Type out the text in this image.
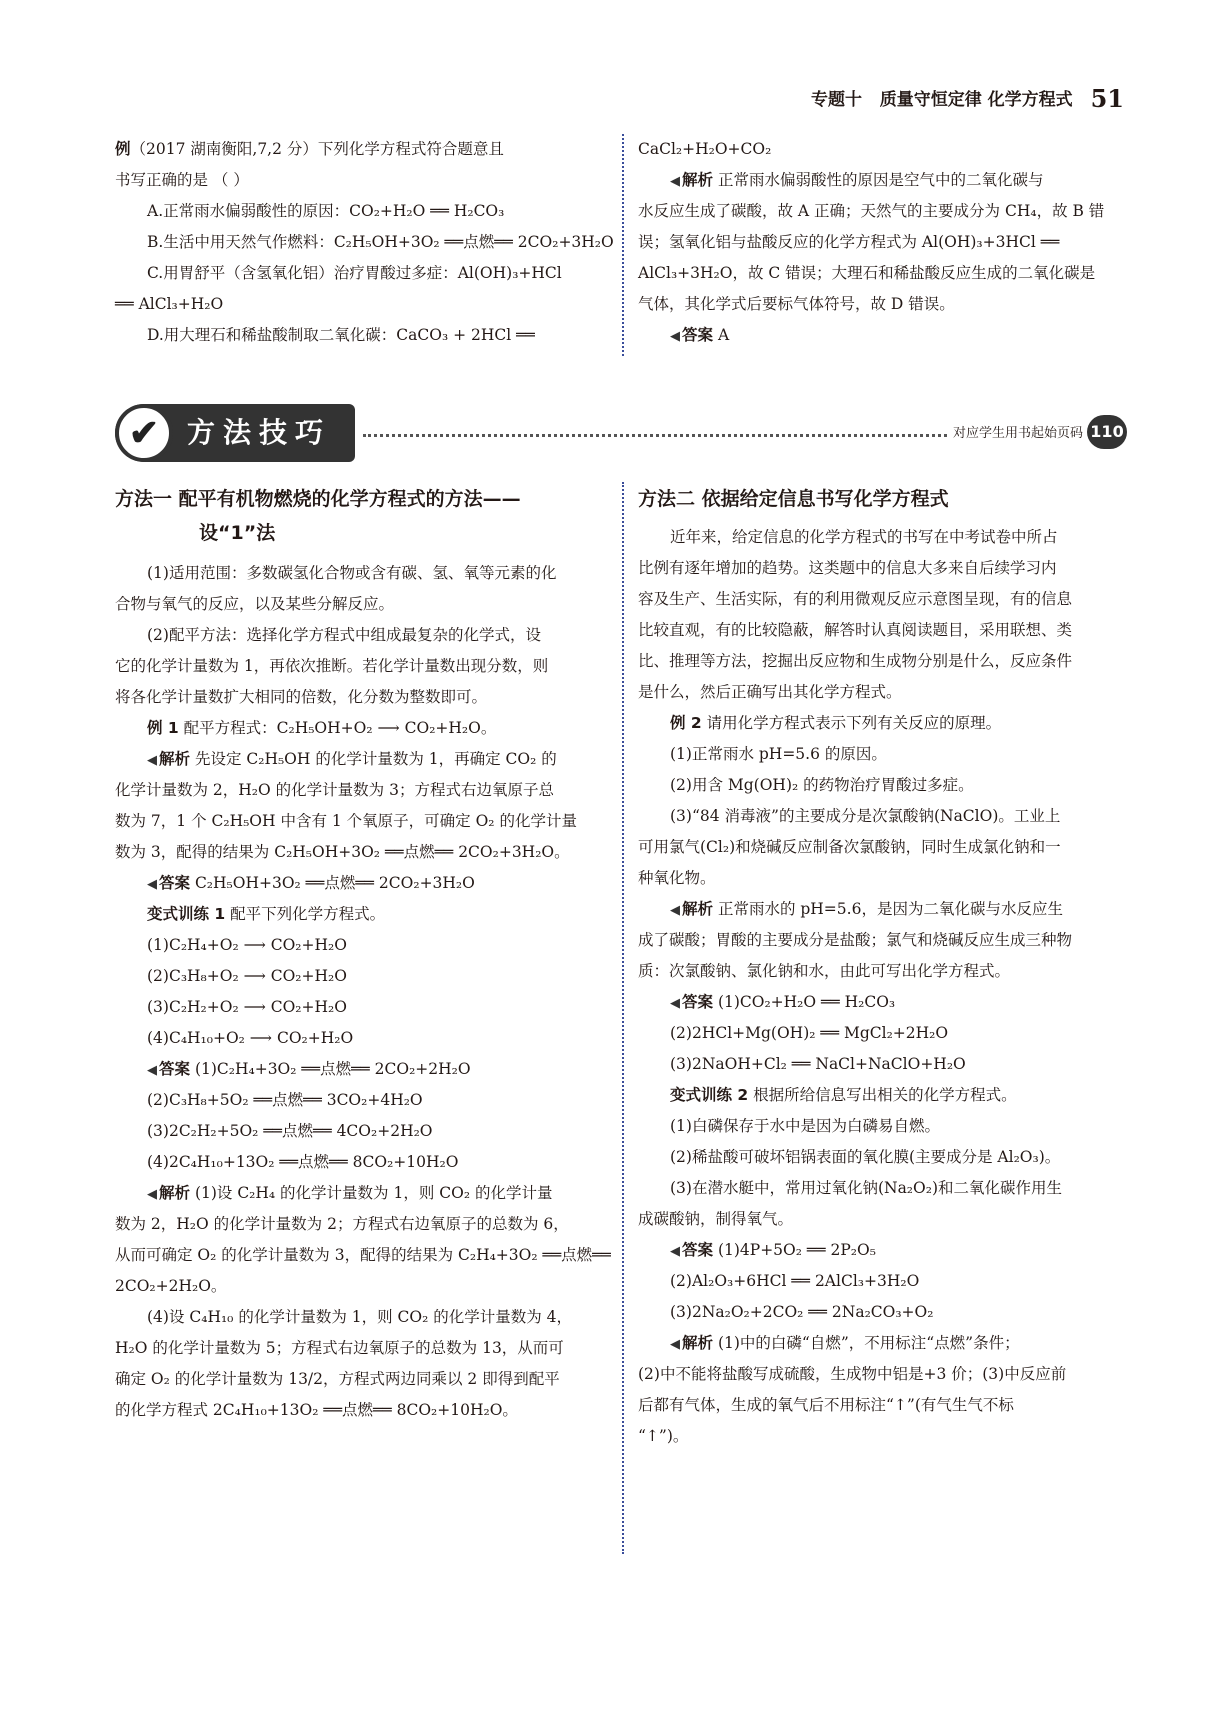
专题十 质量守恒定律 化学方程式 51
例（2017 湖南衡阳,7,2 分）下列化学方程式符合题意且
书写正确的是 （ ）
A.正常雨水偏弱酸性的原因：CO₂+H₂O ══ H₂CO₃
B.生活中用天然气作燃料：C₂H₅OH+3O₂ ══点燃══ 2CO₂+3H₂O
C.用胃舒平（含氢氧化铝）治疗胃酸过多症：Al(OH)₃+HCl
══ AlCl₃+H₂O
D.用大理石和稀盐酸制取二氧化碳：CaCO₃ + 2HCl ══
CaCl₂+H₂O+CO₂
◀ 解析 正常雨水偏弱酸性的原因是空气中的二氧化碳与
水反应生成了碳酸，故 A 正确；天然气的主要成分为 CH₄，故 B 错
误；氢氧化铝与盐酸反应的化学方程式为 Al(OH)₃+3HCl ══
AlCl₃+3H₂O，故 C 错误；大理石和稀盐酸反应生成的二氧化碳是
气体，其化学式后要标气体符号，故 D 错误。
◀ 答案 A
✔ 方法技巧	对应学生用书起始页码 110
方法一 配平有机物燃烧的化学方程式的方法——
设“1”法
(1)适用范围：多数碳氢化合物或含有碳、氢、氧等元素的化
合物与氧气的反应，以及某些分解反应。
(2)配平方法：选择化学方程式中组成最复杂的化学式，设
它的化学计量数为 1，再依次推断。若化学计量数出现分数，则
将各化学计量数扩大相同的倍数，化分数为整数即可。
例 1 配平方程式：C₂H₅OH+O₂ ⟶ CO₂+H₂O。
◀ 解析 先设定 C₂H₅OH 的化学计量数为 1，再确定 CO₂ 的
化学计量数为 2，H₂O 的化学计量数为 3；方程式右边氧原子总
数为 7，1 个 C₂H₅OH 中含有 1 个氧原子，可确定 O₂ 的化学计量
数为 3，配得的结果为 C₂H₅OH+3O₂ ══点燃══ 2CO₂+3H₂O。
◀ 答案 C₂H₅OH+3O₂ ══点燃══ 2CO₂+3H₂O
变式训练 1 配平下列化学方程式。
(1)C₂H₄+O₂ ⟶ CO₂+H₂O
(2)C₃H₈+O₂ ⟶ CO₂+H₂O
(3)C₂H₂+O₂ ⟶ CO₂+H₂O
(4)C₄H₁₀+O₂ ⟶ CO₂+H₂O
◀ 答案 (1)C₂H₄+3O₂ ══点燃══ 2CO₂+2H₂O
(2)C₃H₈+5O₂ ══点燃══ 3CO₂+4H₂O
(3)2C₂H₂+5O₂ ══点燃══ 4CO₂+2H₂O
(4)2C₄H₁₀+13O₂ ══点燃══ 8CO₂+10H₂O
◀ 解析 (1)设 C₂H₄ 的化学计量数为 1，则 CO₂ 的化学计量
数为 2，H₂O 的化学计量数为 2；方程式右边氧原子的总数为 6，
从而可确定 O₂ 的化学计量数为 3，配得的结果为 C₂H₄+3O₂ ══点燃══
2CO₂+2H₂O。
(4)设 C₄H₁₀ 的化学计量数为 1，则 CO₂ 的化学计量数为 4，
H₂O 的化学计量数为 5；方程式右边氧原子的总数为 13，从而可
确定 O₂ 的化学计量数为 13/2，方程式两边同乘以 2 即得到配平
的化学方程式 2C₄H₁₀+13O₂ ══点燃══ 8CO₂+10H₂O。
方法二 依据给定信息书写化学方程式
近年来，给定信息的化学方程式的书写在中考试卷中所占
比例有逐年增加的趋势。这类题中的信息大多来自后续学习内
容及生产、生活实际，有的利用微观反应示意图呈现，有的信息
比较直观，有的比较隐蔽，解答时认真阅读题目，采用联想、类
比、推理等方法，挖掘出反应物和生成物分别是什么，反应条件
是什么，然后正确写出其化学方程式。
例 2 请用化学方程式表示下列有关反应的原理。
(1)正常雨水 pH=5.6 的原因。
(2)用含 Mg(OH)₂ 的药物治疗胃酸过多症。
(3)“84 消毒液”的主要成分是次氯酸钠(NaClO)。工业上
可用氯气(Cl₂)和烧碱反应制备次氯酸钠，同时生成氯化钠和一
种氧化物。
◀ 解析 正常雨水的 pH=5.6，是因为二氧化碳与水反应生
成了碳酸；胃酸的主要成分是盐酸；氯气和烧碱反应生成三种物
质：次氯酸钠、氯化钠和水，由此可写出化学方程式。
◀ 答案 (1)CO₂+H₂O ══ H₂CO₃
(2)2HCl+Mg(OH)₂ ══ MgCl₂+2H₂O
(3)2NaOH+Cl₂ ══ NaCl+NaClO+H₂O
变式训练 2 根据所给信息写出相关的化学方程式。
(1)白磷保存于水中是因为白磷易自燃。
(2)稀盐酸可破坏铝锅表面的氧化膜(主要成分是 Al₂O₃)。
(3)在潜水艇中，常用过氧化钠(Na₂O₂)和二氧化碳作用生
成碳酸钠，制得氧气。
◀ 答案 (1)4P+5O₂ ══ 2P₂O₅
(2)Al₂O₃+6HCl ══ 2AlCl₃+3H₂O
(3)2Na₂O₂+2CO₂ ══ 2Na₂CO₃+O₂
◀ 解析 (1)中的白磷“自燃”，不用标注“点燃”条件；
(2)中不能将盐酸写成硫酸，生成物中铝是+3 价；(3)中反应前
后都有气体，生成的氧气后不用标注“↑”(有气生气不标
“↑”)。
